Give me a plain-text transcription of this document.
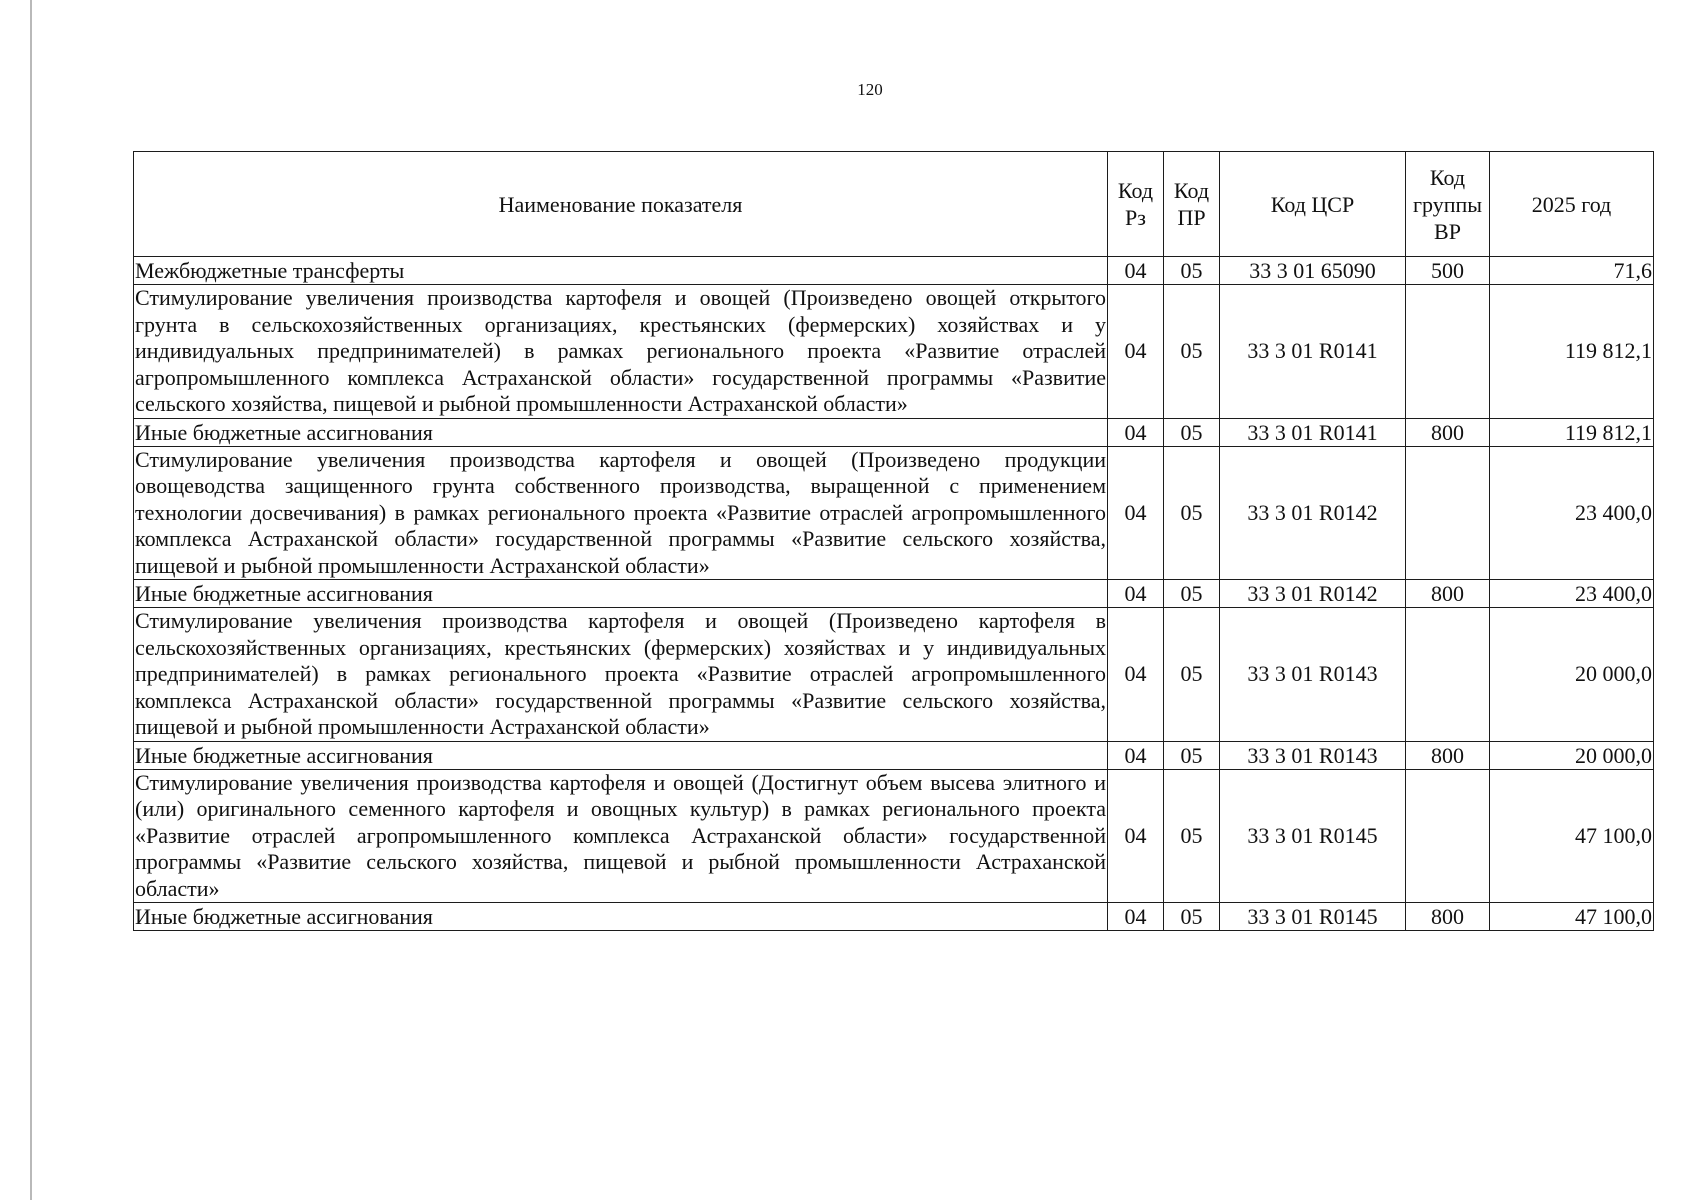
120
Наименование показателя	Код Рз	Код ПР	Код ЦСР	Код группы ВР	2025 год
Межбюджетные трансферты	04	05	33 3 01 65090	500	71,6
Стимулирование увеличения производства картофеля и овощей (Произведено овощей открытого грунта в сельскохозяйственных организациях, крестьянских (фермерских) хозяйствах и у индивидуальных предпринимателей) в рамках регионального проекта «Развитие отраслей агропромышленного комплекса Астраханской области» государственной программы «Развитие сельского хозяйства, пищевой и рыбной промышленности Астраханской области»	04	05	33 3 01 R0141		119 812,1
Иные бюджетные ассигнования	04	05	33 3 01 R0141	800	119 812,1
Стимулирование увеличения производства картофеля и овощей (Произведено продукции овощеводства защищенного грунта собственного производства, выращенной с применением технологии досвечивания) в рамках регионального проекта «Развитие отраслей агропромышленного комплекса Астраханской области» государственной программы «Развитие сельского хозяйства, пищевой и рыбной промышленности Астраханской области»	04	05	33 3 01 R0142		23 400,0
Иные бюджетные ассигнования	04	05	33 3 01 R0142	800	23 400,0
Стимулирование увеличения производства картофеля и овощей (Произведено картофеля в сельскохозяйственных организациях, крестьянских (фермерских) хозяйствах и у индивидуальных предпринимателей) в рамках регионального проекта «Развитие отраслей агропромышленного комплекса Астраханской области» государственной программы «Развитие сельского хозяйства, пищевой и рыбной промышленности Астраханской области»	04	05	33 3 01 R0143		20 000,0
Иные бюджетные ассигнования	04	05	33 3 01 R0143	800	20 000,0
Стимулирование увеличения производства картофеля и овощей (Достигнут объем высева элитного и (или) оригинального семенного картофеля и овощных культур) в рамках регионального проекта «Развитие отраслей агропромышленного комплекса Астраханской области» государственной программы «Развитие сельского хозяйства, пищевой и рыбной промышленности Астраханской области»	04	05	33 3 01 R0145		47 100,0
Иные бюджетные ассигнования	04	05	33 3 01 R0145	800	47 100,0
